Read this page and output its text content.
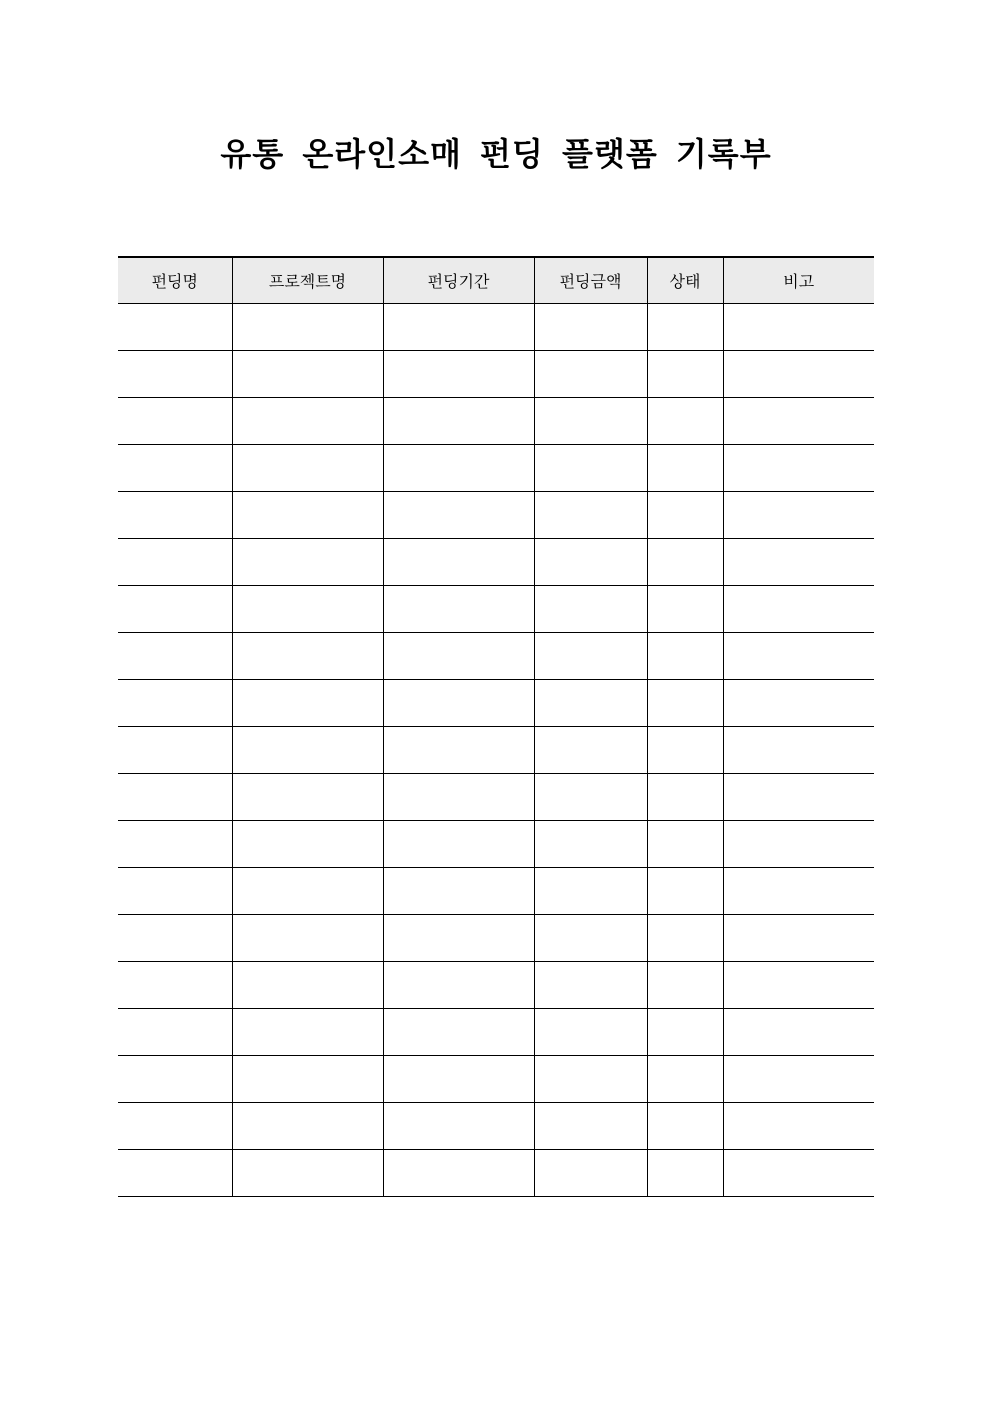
유통 온라인소매 펀딩 플랫폼 기록부
펀딩명	프로젝트명	펀딩기간	펀딩금액	상태	비고
